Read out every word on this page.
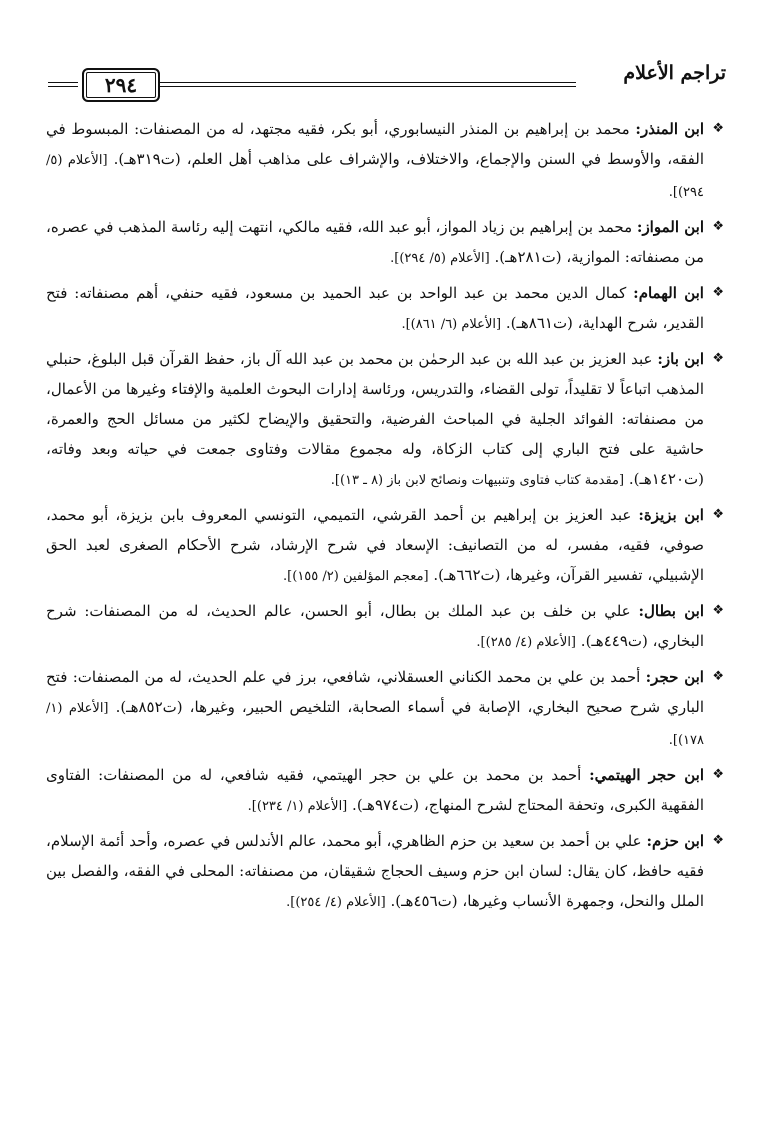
تراجم الأعلام
٢٩٤
❖
ابن المنذر: محمد بن إبراهيم بن المنذر النيسابوري، أبو بكر، فقيه مجتهد، له من المصنفات: المبسوط في الفقه، والأوسط في السنن والإجماع، والاختلاف، والإشراف على مذاهب أهل العلم، (ت٣١٩هـ). [الأعلام (٥/ ٢٩٤)].
❖
ابن المواز: محمد بن إبراهيم بن زياد المواز، أبو عبد الله، فقيه مالكي، انتهت إليه رئاسة المذهب في عصره، من مصنفاته: الموازية، (ت٢٨١هـ). [الأعلام (٥/ ٢٩٤)].
❖
ابن الهمام: كمال الدين محمد بن عبد الواحد بن عبد الحميد بن مسعود، فقيه حنفي، أهم مصنفاته: فتح القدير، شرح الهداية، (ت٨٦١هـ). [الأعلام (٦/ ٨٦١)].
❖
ابن باز: عبد العزيز بن عبد الله بن عبد الرحمٰن بن محمد بن عبد الله آل باز، حفظ القرآن قبل البلوغ، حنبلي المذهب اتباعاً لا تقليداً، تولى القضاء، والتدريس، ورئاسة إدارات البحوث العلمية والإفتاء وغيرها من الأعمال، من مصنفاته: الفوائد الجلية في المباحث الفرضية، والتحقيق والإيضاح لكثير من مسائل الحج والعمرة، حاشية على فتح الباري إلى كتاب الزكاة، وله مجموع مقالات وفتاوى جمعت في حياته وبعد وفاته، (ت١٤٢٠هـ). [مقدمة كتاب فتاوى وتنبيهات ونصائح لابن باز (٨ ـ ١٣)].
❖
ابن بزيزة: عبد العزيز بن إبراهيم بن أحمد القرشي، التميمي، التونسي المعروف بابن بزيزة، أبو محمد، صوفي، فقيه، مفسر، له من التصانيف: الإسعاد في شرح الإرشاد، شرح الأحكام الصغرى لعبد الحق الإشبيلي، تفسير القرآن، وغيرها، (ت٦٦٢هـ). [معجم المؤلفين (٢/ ١٥٥)].
❖
ابن بطال: علي بن خلف بن عبد الملك بن بطال، أبو الحسن، عالم الحديث، له من المصنفات: شرح البخاري، (ت٤٤٩هـ). [الأعلام (٤/ ٢٨٥)].
❖
ابن حجر: أحمد بن علي بن محمد الكناني العسقلاني، شافعي، برز في علم الحديث، له من المصنفات: فتح الباري شرح صحيح البخاري، الإصابة في أسماء الصحابة، التلخيص الحبير، وغيرها، (ت٨٥٢هـ). [الأعلام (١/ ١٧٨)].
❖
ابن حجر الهيتمي: أحمد بن محمد بن علي بن حجر الهيتمي، فقيه شافعي، له من المصنفات: الفتاوى الفقهية الكبرى، وتحفة المحتاج لشرح المنهاج، (ت٩٧٤هـ). [الأعلام (١/ ٢٣٤)].
❖
ابن حزم: علي بن أحمد بن سعيد بن حزم الظاهري، أبو محمد، عالم الأندلس في عصره، وأحد أئمة الإسلام، فقيه حافظ، كان يقال: لسان ابن حزم وسيف الحجاج شقيقان، من مصنفاته: المحلى في الفقه، والفصل بين الملل والنحل، وجمهرة الأنساب وغيرها، (ت٤٥٦هـ). [الأعلام (٤/ ٢٥٤)].
